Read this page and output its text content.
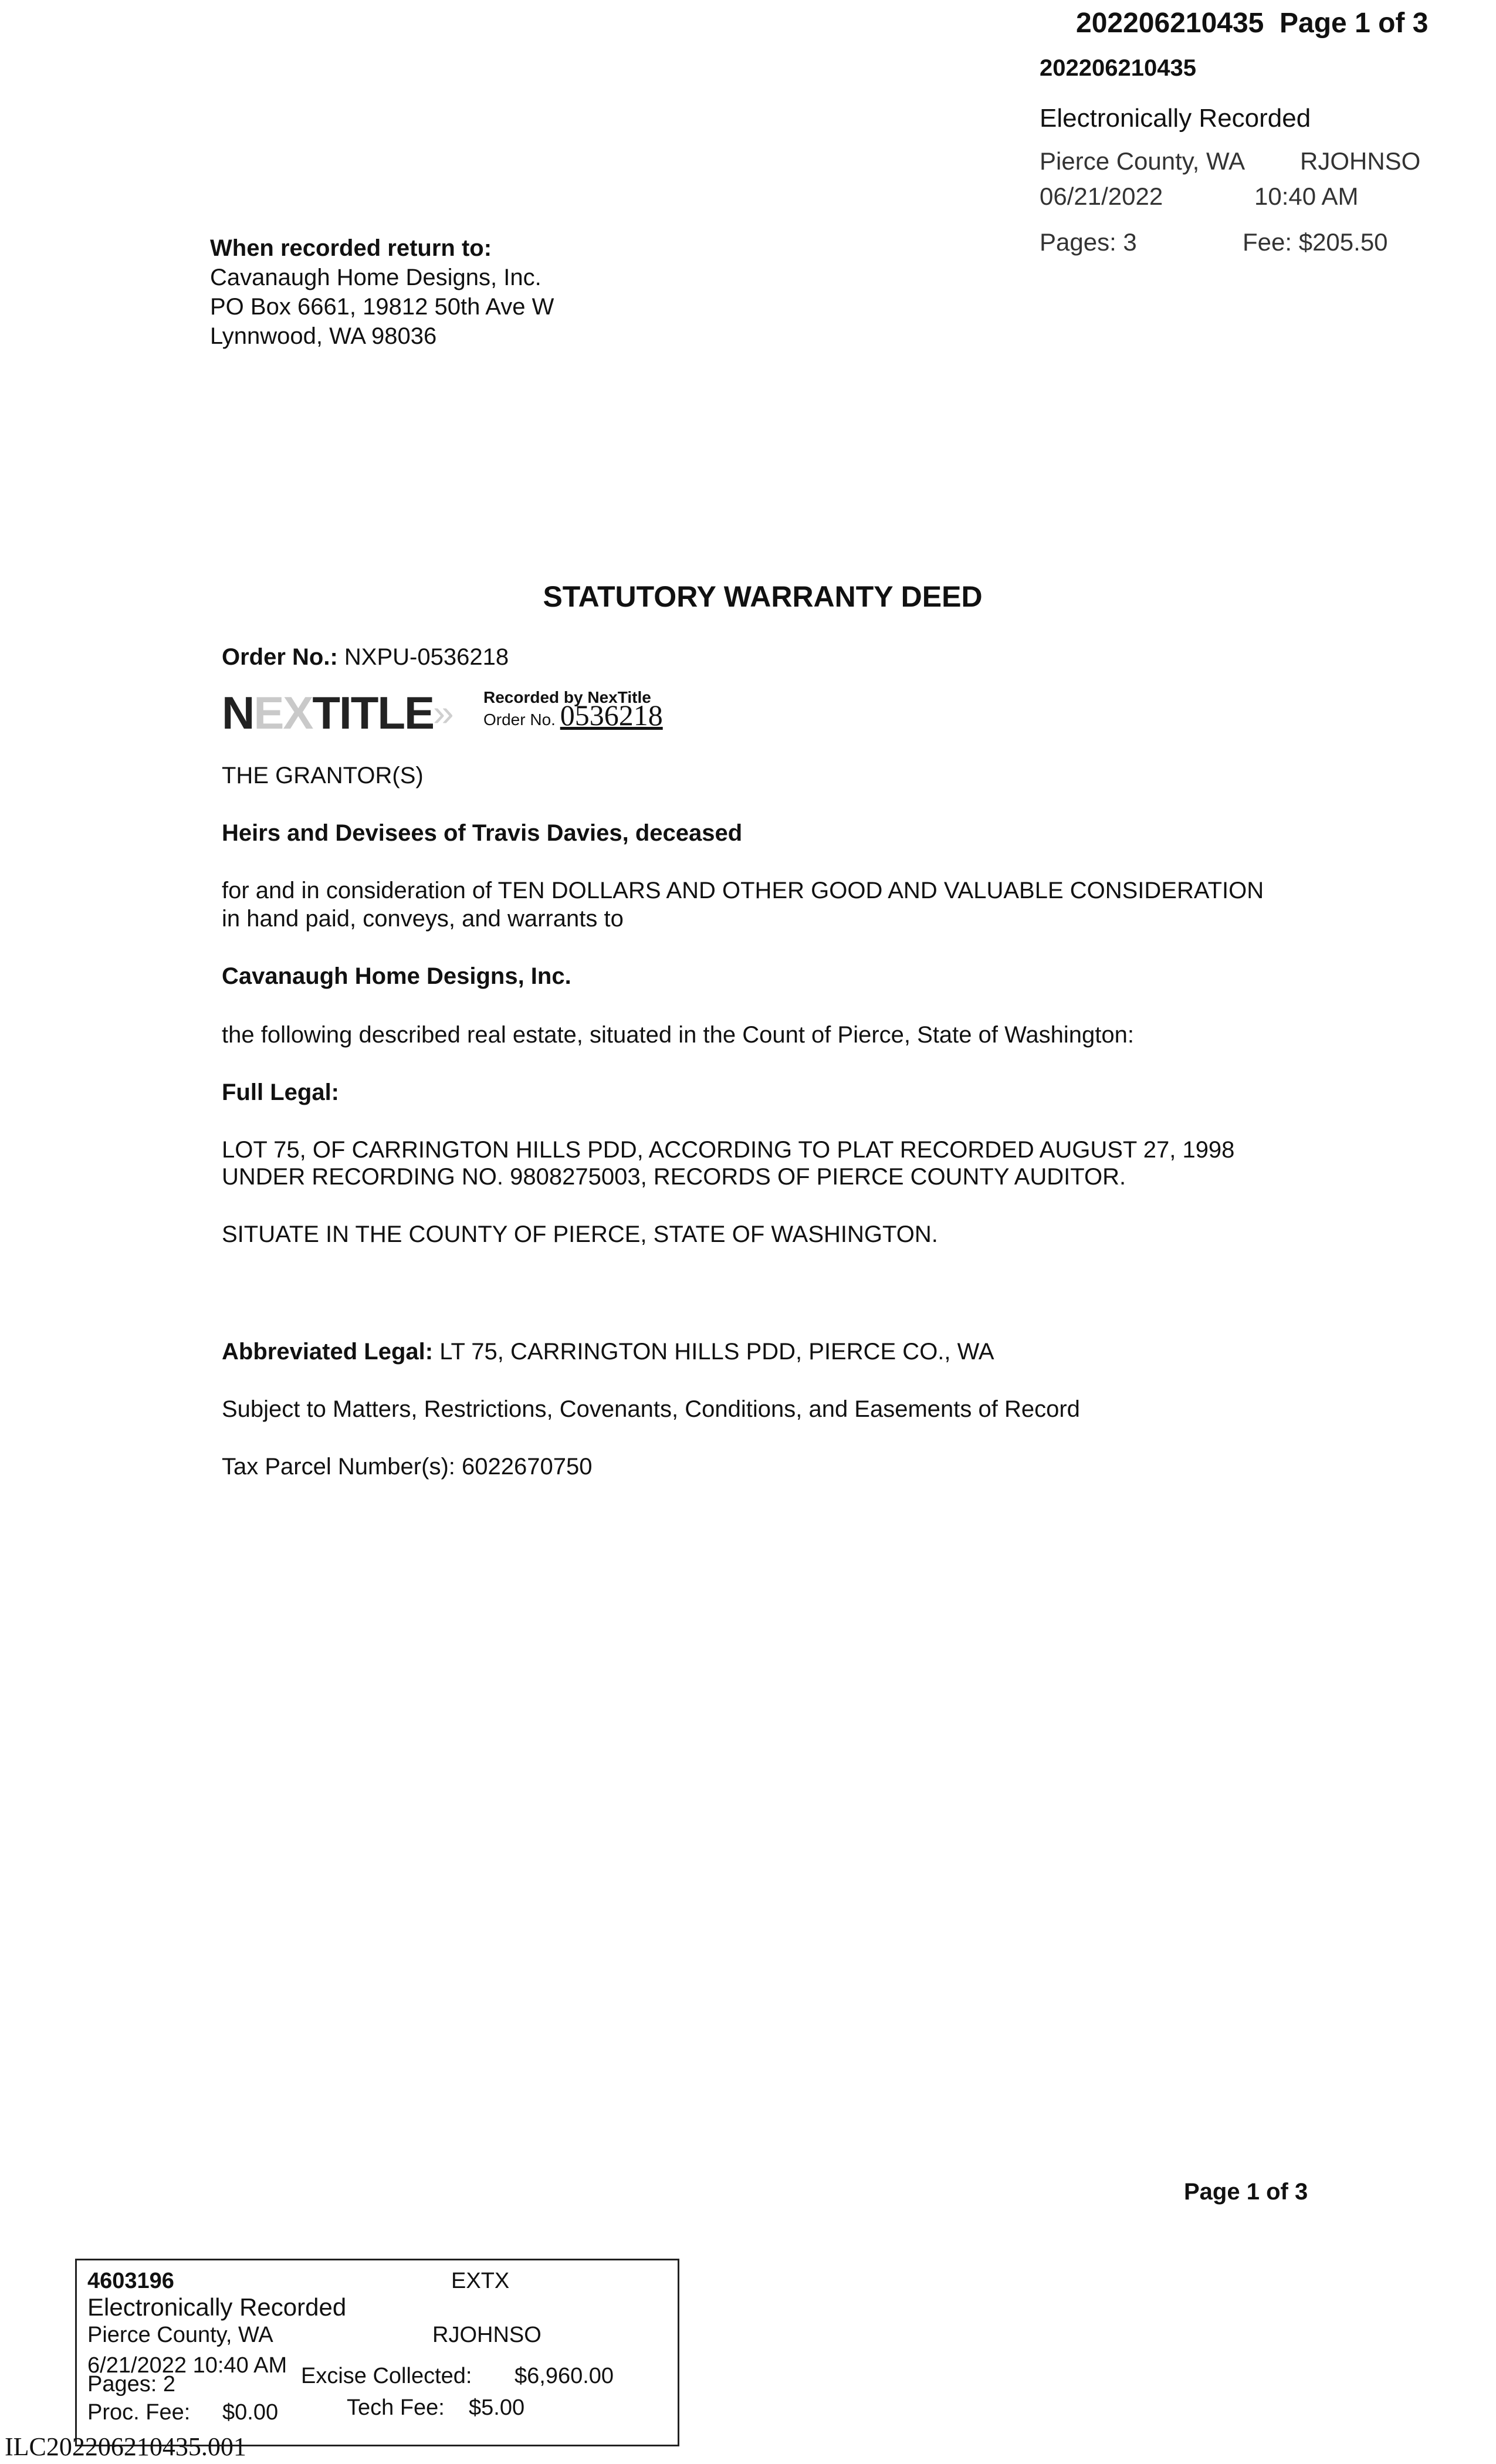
202206210435 Page 1 of 3
202206210435
Electronically Recorded
Pierce County, WA RJOHNSO
06/21/2022	10:40 AM
Pages: 3	Fee: $205.50
When recorded return to:
Cavanaugh Home Designs, Inc.
PO Box 6661, 19812 50th Ave W
Lynnwood, WA 98036
STATUTORY WARRANTY DEED
Order No.: NXPU-0536218
NEXTITLE
» Recorded by NexTitle
Order No. 0536218
THE GRANTOR(S)
Heirs and Devisees of Travis Davies, deceased
for and in consideration of TEN DOLLARS AND OTHER GOOD AND VALUABLE CONSIDERATION
in hand paid, conveys, and warrants to
Cavanaugh Home Designs, Inc.
the following described real estate, situated in the Count of Pierce, State of Washington:
Full Legal:
LOT 75, OF CARRINGTON HILLS PDD, ACCORDING TO PLAT RECORDED AUGUST 27, 1998
UNDER RECORDING NO. 9808275003, RECORDS OF PIERCE COUNTY AUDITOR.
SITUATE IN THE COUNTY OF PIERCE, STATE OF WASHINGTON.
Abbreviated Legal: LT 75, CARRINGTON HILLS PDD, PIERCE CO., WA
Subject to Matters, Restrictions, Covenants, Conditions, and Easements of Record
Tax Parcel Number(s): 6022670750
Page 1 of 3
4603196	EXTX
Electronically Recorded
Pierce County, WA	RJOHNSO
6/21/2022 10:40 AM
Pages: 2	Excise Collected: $6,960.00
Proc. Fee: $0.00	Tech Fee: $5.00
ILC202206210435.001
